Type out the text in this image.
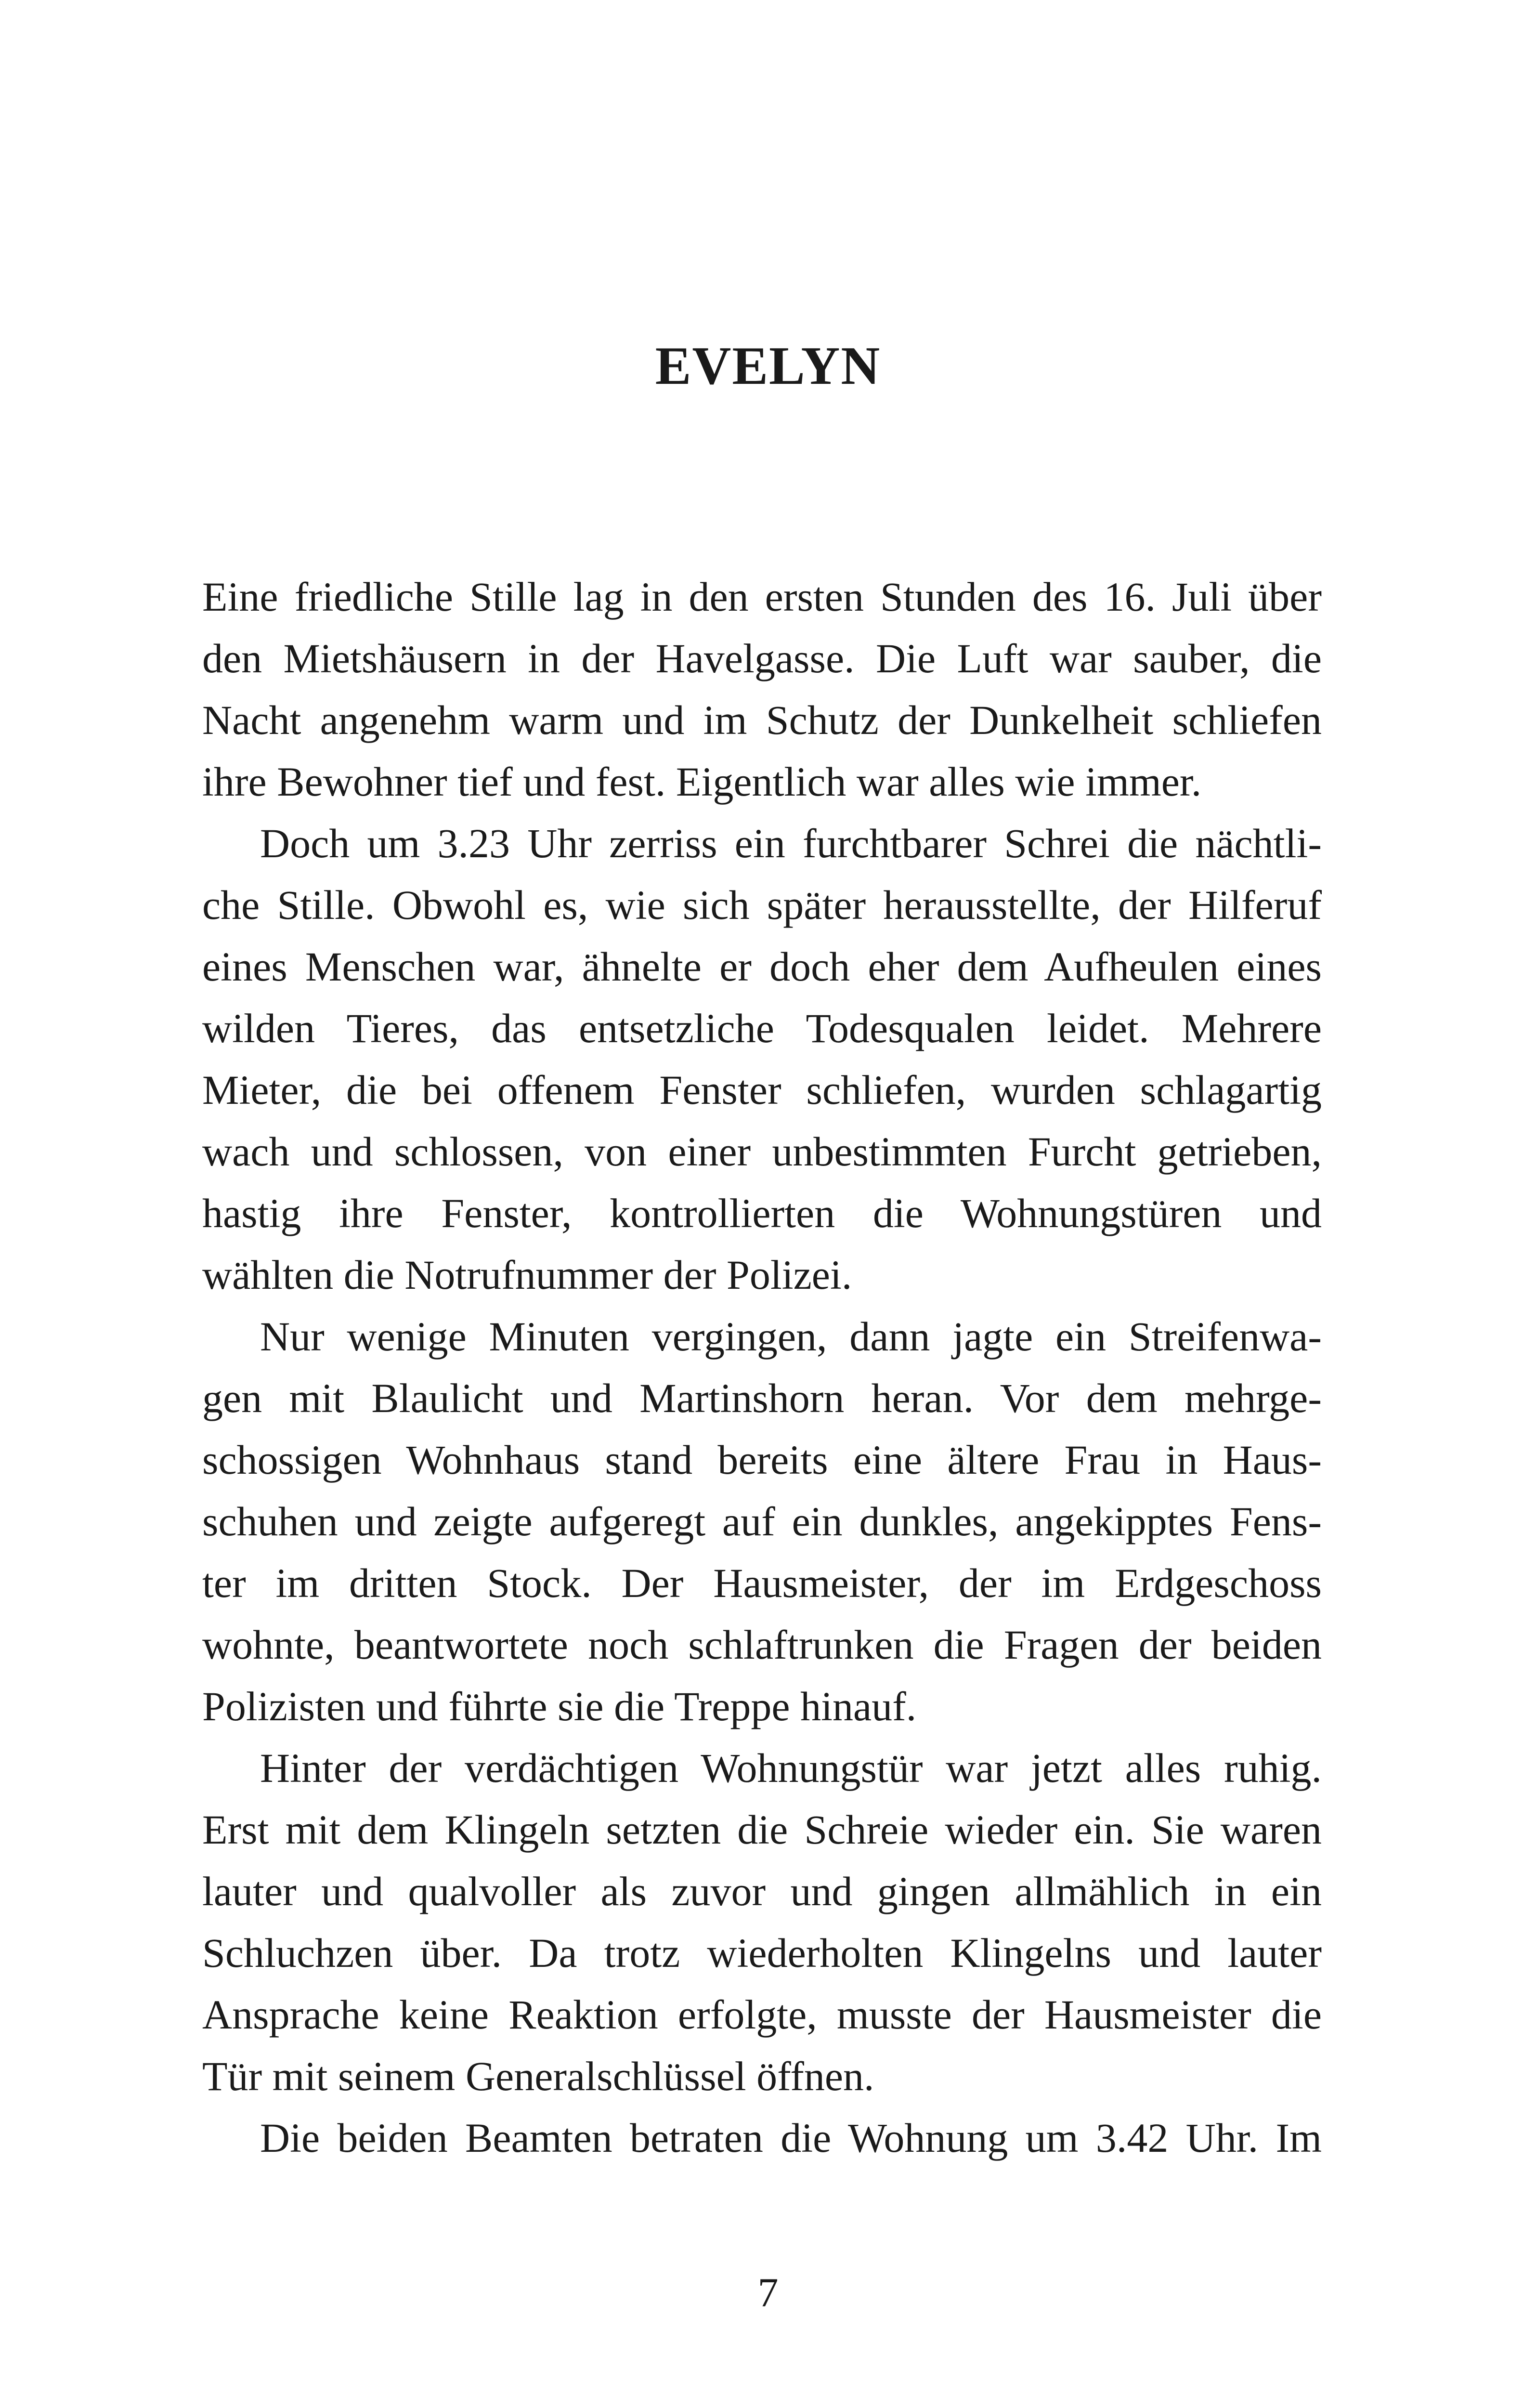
EVELYN
Eine friedliche Stille lag in den ersten Stunden des 16. Juli über
den Mietshäusern in der Havelgasse. Die Luft war sauber, die
Nacht angenehm warm und im Schutz der Dunkelheit schliefen
ihre Bewohner tief und fest. Eigentlich war alles wie immer.
Doch um 3.23 Uhr zerriss ein furchtbarer Schrei die nächtli-
che Stille. Obwohl es, wie sich später herausstellte, der Hilferuf
eines Menschen war, ähnelte er doch eher dem Aufheulen eines
wilden Tieres, das entsetzliche Todesqualen leidet. Mehrere
Mieter, die bei offenem Fenster schliefen, wurden schlagartig
wach und schlossen, von einer unbestimmten Furcht getrieben,
hastig ihre Fenster, kontrollierten die Wohnungstüren und
wählten die Notrufnummer der Polizei.
Nur wenige Minuten vergingen, dann jagte ein Streifenwa-
gen mit Blaulicht und Martinshorn heran. Vor dem mehrge-
schossigen Wohnhaus stand bereits eine ältere Frau in Haus-
schuhen und zeigte aufgeregt auf ein dunkles, angekipptes Fens-
ter im dritten Stock. Der Hausmeister, der im Erdgeschoss
wohnte, beantwortete noch schlaftrunken die Fragen der beiden
Polizisten und führte sie die Treppe hinauf.
Hinter der verdächtigen Wohnungstür war jetzt alles ruhig.
Erst mit dem Klingeln setzten die Schreie wieder ein. Sie waren
lauter und qualvoller als zuvor und gingen allmählich in ein
Schluchzen über. Da trotz wiederholten Klingelns und lauter
Ansprache keine Reaktion erfolgte, musste der Hausmeister die
Tür mit seinem Generalschlüssel öffnen.
Die beiden Beamten betraten die Wohnung um 3.42 Uhr. Im
7
